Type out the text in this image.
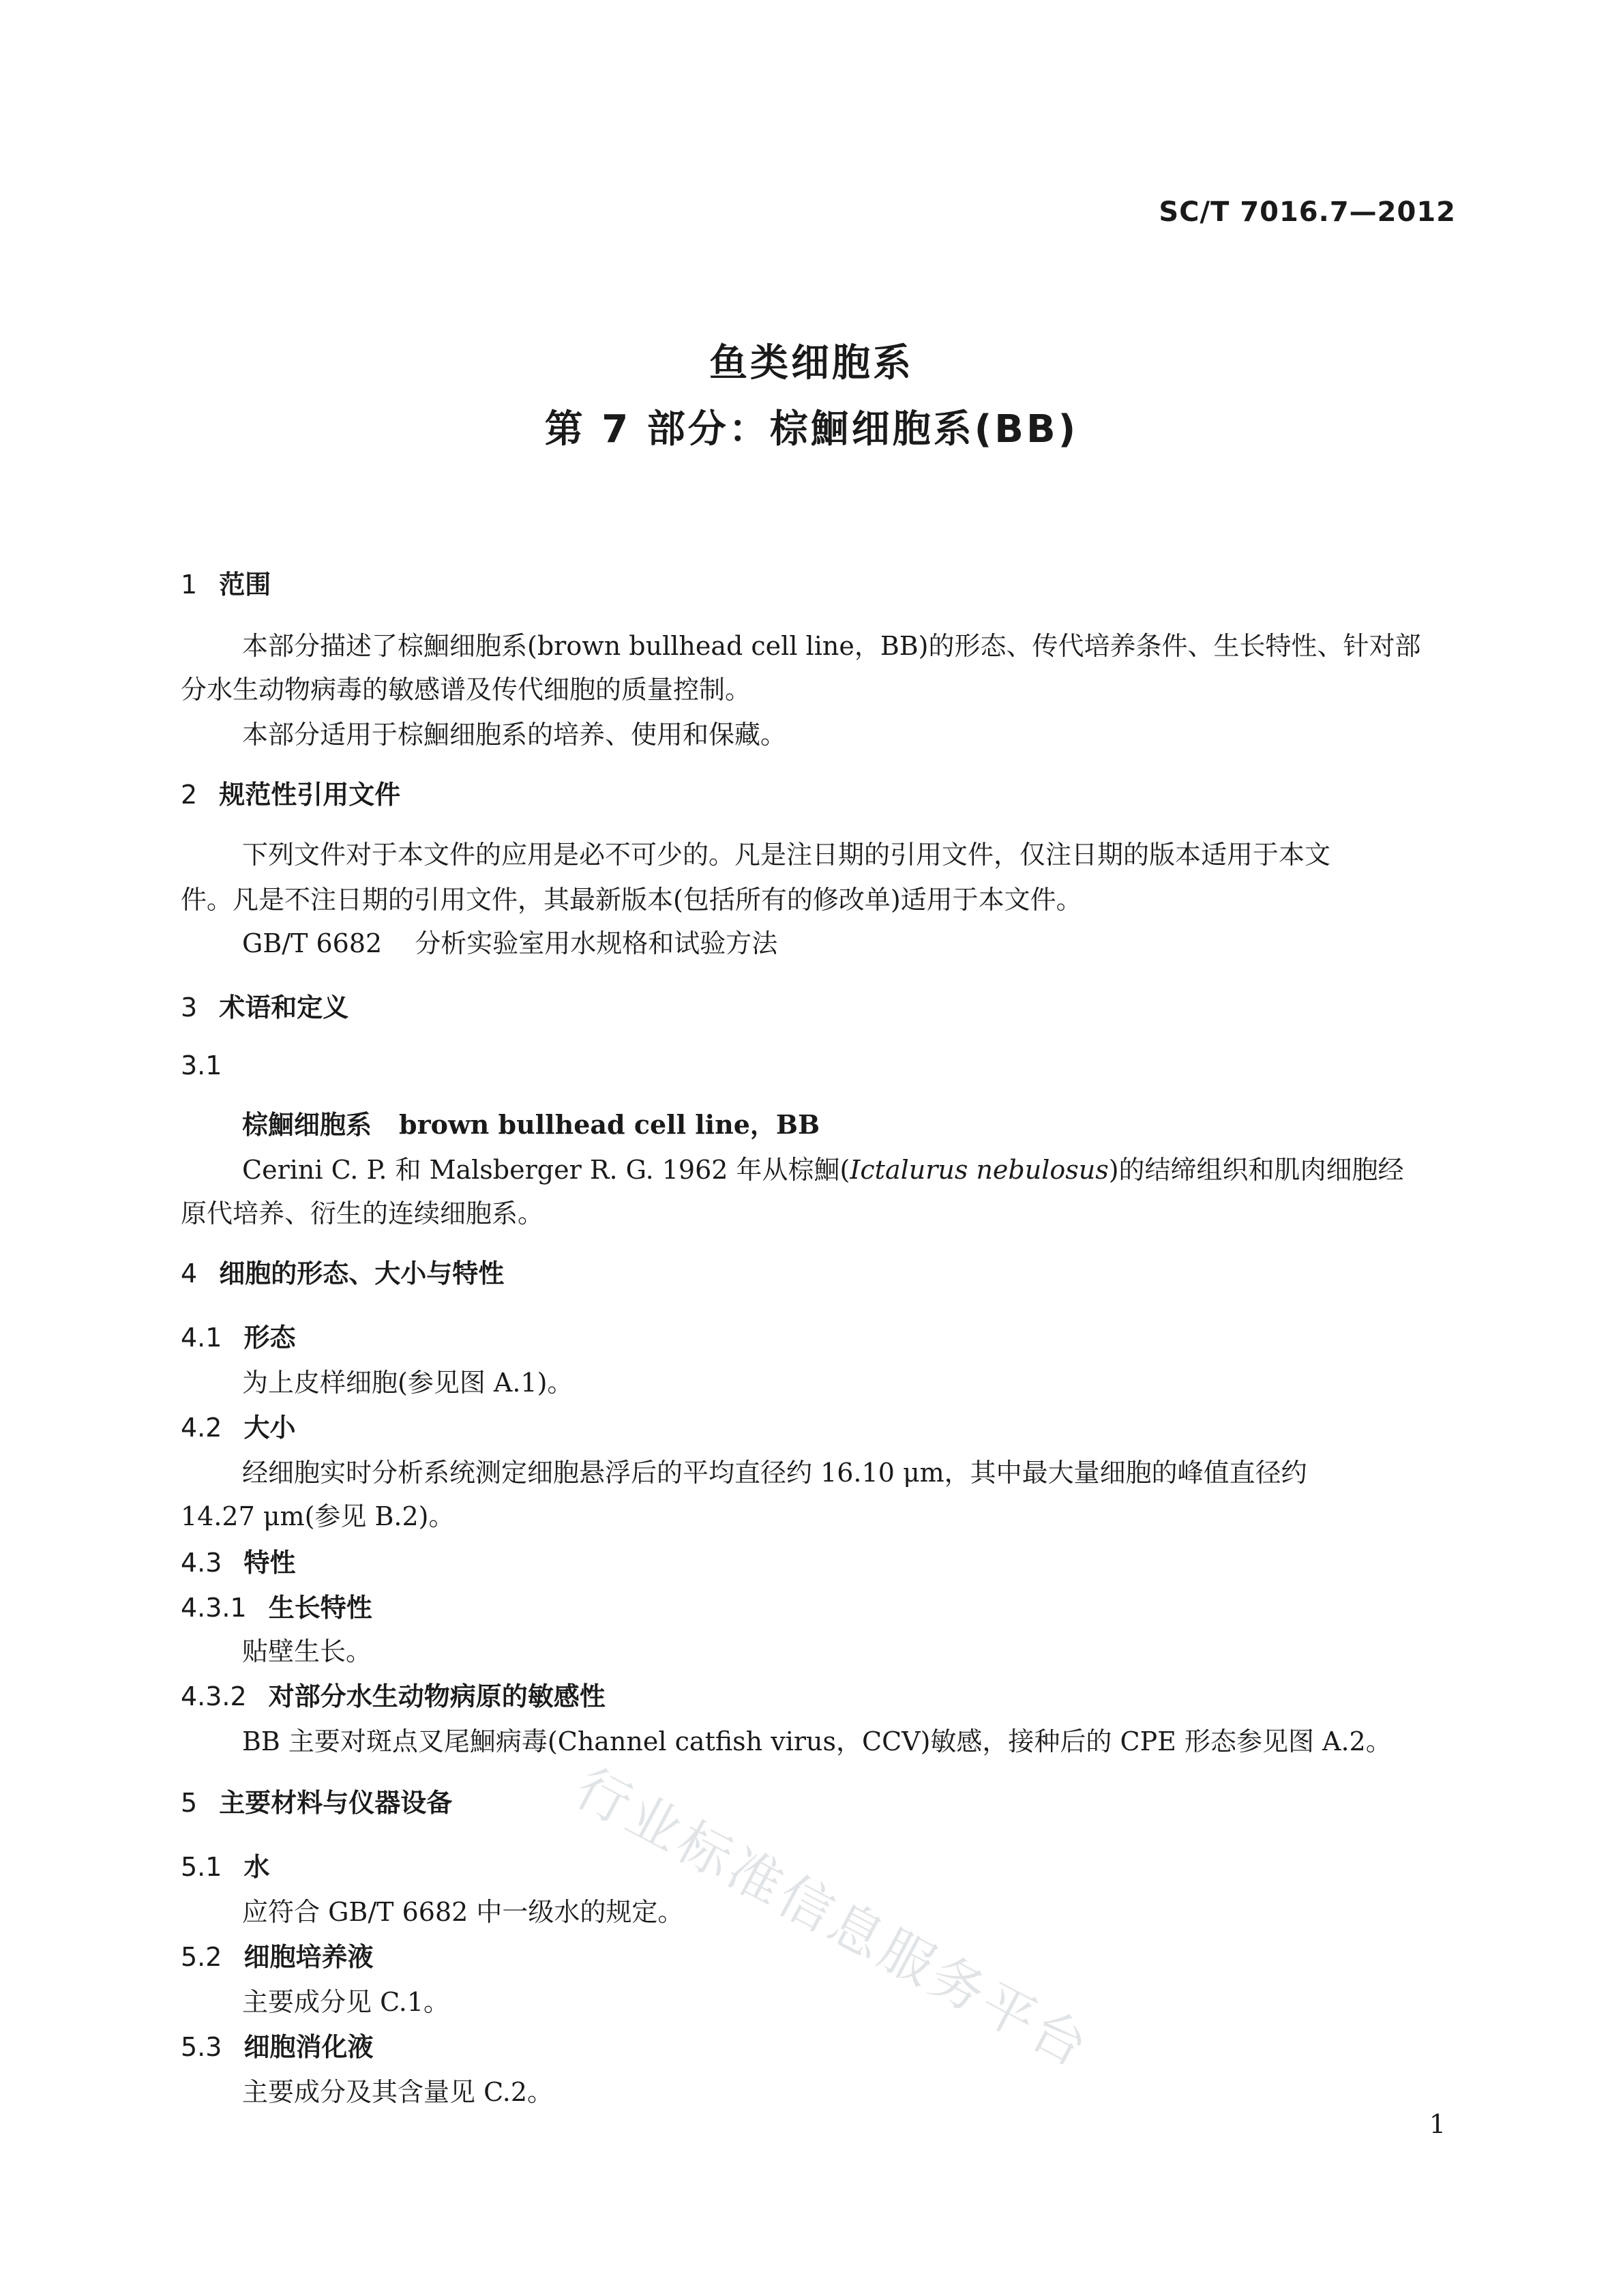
SC/T 7016.7—2012
鱼类细胞系
第 7 部分：棕鮰细胞系(BB)
1 范围
本部分描述了棕鮰细胞系(brown bullhead cell line，BB)的形态、传代培养条件、生长特性、针对部
分水生动物病毒的敏感谱及传代细胞的质量控制。
本部分适用于棕鮰细胞系的培养、使用和保藏。
2 规范性引用文件
下列文件对于本文件的应用是必不可少的。凡是注日期的引用文件，仅注日期的版本适用于本文
件。凡是不注日期的引用文件，其最新版本(包括所有的修改单)适用于本文件。
GB/T 6682 分析实验室用水规格和试验方法
3 术语和定义
3.1
棕鮰细胞系 brown bullhead cell line，BB
Cerini C. P. 和 Malsberger R. G. 1962 年从棕鮰(Ictalurus nebulosus)的结缔组织和肌肉细胞经
原代培养、衍生的连续细胞系。
4 细胞的形态、大小与特性
4.1 形态
为上皮样细胞(参见图 A.1)。
4.2 大小
经细胞实时分析系统测定细胞悬浮后的平均直径约 16.10 μm，其中最大量细胞的峰值直径约
14.27 μm(参见 B.2)。
4.3 特性
4.3.1 生长特性
贴壁生长。
4.3.2 对部分水生动物病原的敏感性
BB 主要对斑点叉尾鮰病毒(Channel catfish virus，CCV)敏感，接种后的 CPE 形态参见图 A.2。
5 主要材料与仪器设备
5.1 水
应符合 GB/T 6682 中一级水的规定。
5.2 细胞培养液
主要成分见 C.1。
5.3 细胞消化液
主要成分及其含量见 C.2。
行业标准信息服务平台
1
